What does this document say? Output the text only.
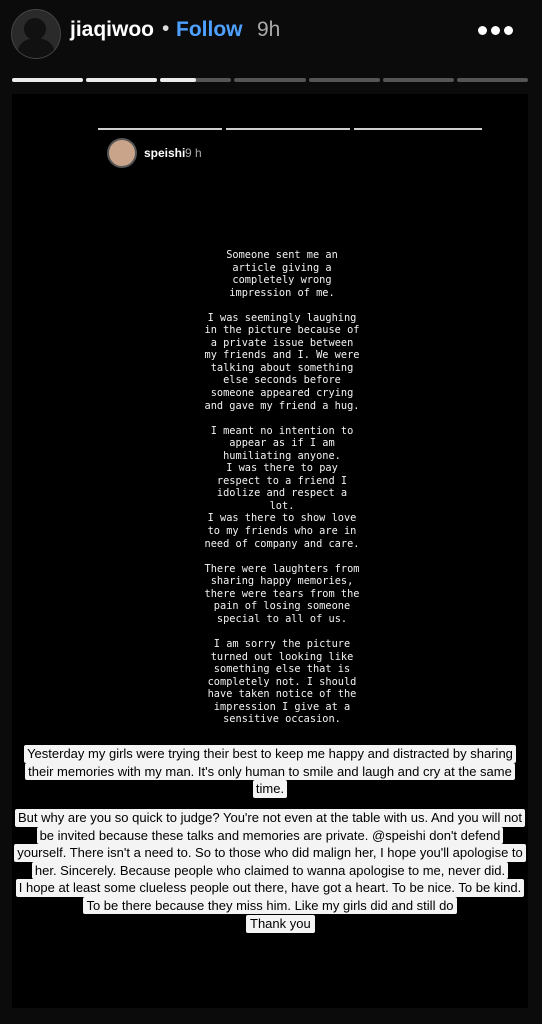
jiaqiwoo • Follow 9h
speishi 9 h

Someone sent me an
article giving a
completely wrong
impression of me.

I was seemingly laughing
in the picture because of
a private issue between
my friends and I. We were
talking about something
else seconds before
someone appeared crying
and gave my friend a hug.

I meant no intention to
appear as if I am
humiliating anyone.
I was there to pay
respect to a friend I
idolize and respect a
lot.
I was there to show love
to my friends who are in
need of company and care.

There were laughters from
sharing happy memories,
there were tears from the
pain of losing someone
special to all of us.

I am sorry the picture
turned out looking like
something else that is
completely not. I should
have taken notice of the
impression I give at a
sensitive occasion.

Yesterday my girls were trying their best to keep me happy and distracted by sharing
their memories with my man. It's only human to smile and laugh and cry at the same
time.
But why are you so quick to judge? You're not even at the table with us. And you will not
be invited because these talks and memories are private. @speishi don't defend
yourself. There isn't a need to. So to those who did malign her, I hope you'll apologise to
her. Sincerely. Because people who claimed to wanna apologise to me, never did.
I hope at least some clueless people out there, have got a heart. To be nice. To be kind.
To be there because they miss him. Like my girls did and still do
Thank you
